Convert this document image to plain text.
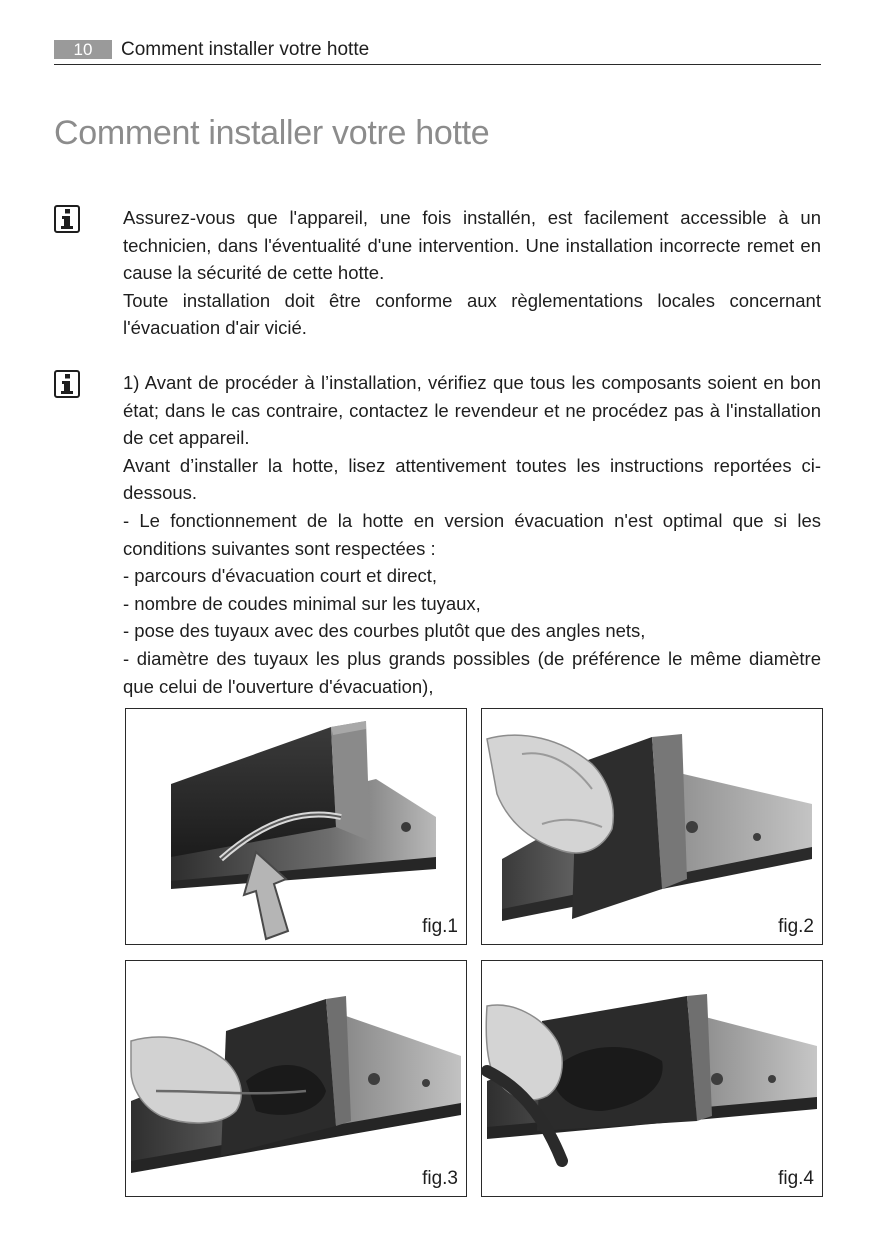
10	Comment installer votre hotte
Comment installer votre hotte

Assurez-vous que l'appareil, une fois installén, est facilement accessible à un technicien, dans l'éventualité d'une intervention. Une installation incorrecte remet en cause la sécurité de cette hotte.

Toute installation doit être conforme aux règlementations locales concernant l'évacuation d'air vicié.

1) Avant de procéder à l’installation, vérifiez que tous les composants soient en bon état; dans le cas contraire, contactez le revendeur et ne procédez pas à l'installation de cet appareil.

Avant d’installer la hotte, lisez attentivement toutes les instructions reportées ci-dessous.

- Le fonctionnement de la hotte en version évacuation n'est optimal que si les conditions suivantes sont respectées :

- parcours d'évacuation court et direct,

- nombre de coudes minimal sur les tuyaux,

- pose des tuyaux avec des courbes plutôt que des angles nets,

- diamètre des tuyaux les plus grands possibles (de préférence le même diamètre que celui de l'ouverture d'évacuation),

fig.1	fig.2
fig.3	fig.4
